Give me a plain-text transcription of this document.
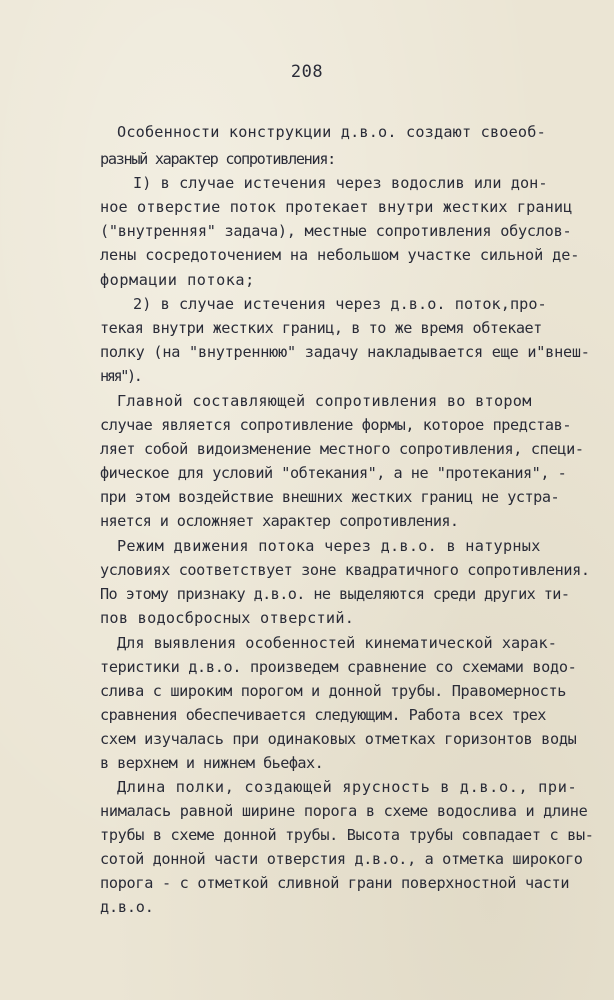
208
Особенности конструкции д.в.о. создают своеоб-
разный характер сопротивления:
I) в случае истечения через водослив или дон-
ное отверстие поток протекает внутри жестких границ
("внутренняя" задача), местные сопротивления обуслов-
лены сосредоточением на небольшом участке сильной де-
формации потока;
2) в случае истечения через д.в.о. поток,про-
текая внутри жестких границ, в то же время обтекает
полку (на "внутреннюю" задачу накладывается еще и"внеш-
няя").
Главной составляющей сопротивления во втором
случае является сопротивление формы, которое представ-
ляет собой видоизменение местного сопротивления, специ-
фическое для условий "обтекания", а не "протекания", -
при этом воздействие внешних жестких границ не устра-
няется и осложняет характер сопротивления.
Режим движения потока через д.в.о. в натурных
условиях соответствует зоне квадратичного сопротивления.
По этому признаку д.в.о. не выделяются среди других ти-
пов водосбросных отверстий.
Для выявления особенностей кинематической харак-
теристики д.в.о. произведем сравнение со схемами водо-
слива с широким порогом и донной трубы. Правомерность
сравнения обеспечивается следующим. Работа всех трех
схем изучалась при одинаковых отметках горизонтов воды
в верхнем и нижнем бьефах.
Длина полки, создающей ярусность в д.в.о., при-
нималась равной ширине порога в схеме водослива и длине
трубы в схеме донной трубы. Высота трубы совпадает с вы-
сотой донной части отверстия д.в.о., а отметка широкого
порога - с отметкой сливной грани поверхностной части
д.в.о.
